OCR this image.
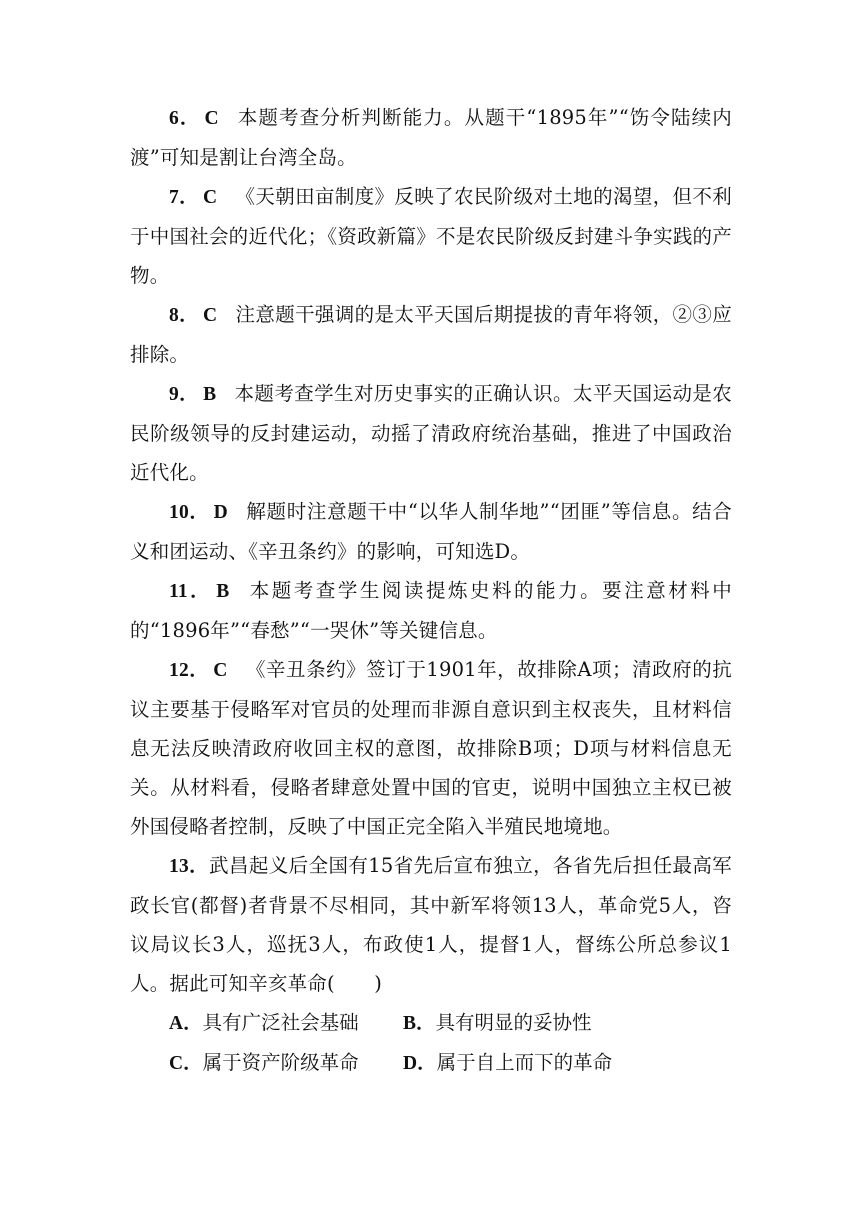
6． C 本题考查分析判断能力。从题干“1895年”“饬令陆续内渡”可知是割让台湾全岛。

7． C 《天朝田亩制度》反映了农民阶级对土地的渴望，但不利于中国社会的近代化；《资政新篇》不是农民阶级反封建斗争实践的产物。

8． C 注意题干强调的是太平天国后期提拔的青年将领，②③应排除。

9． B 本题考查学生对历史事实的正确认识。太平天国运动是农民阶级领导的反封建运动，动摇了清政府统治基础，推进了中国政治近代化。

10． D 解题时注意题干中“以华人制华地”“团匪”等信息。结合义和团运动、《辛丑条约》的影响，可知选D。

11． B 本题考查学生阅读提炼史料的能力。要注意材料中的“1896年”“春愁”“一哭休”等关键信息。

12． C 《辛丑条约》签订于1901年，故排除A项；清政府的抗议主要基于侵略军对官员的处理而非源自意识到主权丧失，且材料信息无法反映清政府收回主权的意图，故排除B项；D项与材料信息无关。从材料看，侵略者肆意处置中国的官吏，说明中国独立主权已被外国侵略者控制，反映了中国正完全陷入半殖民地境地。

13．武昌起义后全国有15省先后宣布独立，各省先后担任最高军政长官(都督)者背景不尽相同，其中新军将领13人，革命党5人，咨议局议长3人，巡抚3人，布政使1人，提督1人，督练公所总参议1人。据此可知辛亥革命(　　)

A．具有广泛社会基础	B．具有明显的妥协性
C．属于资产阶级革命	D．属于自上而下的革命
